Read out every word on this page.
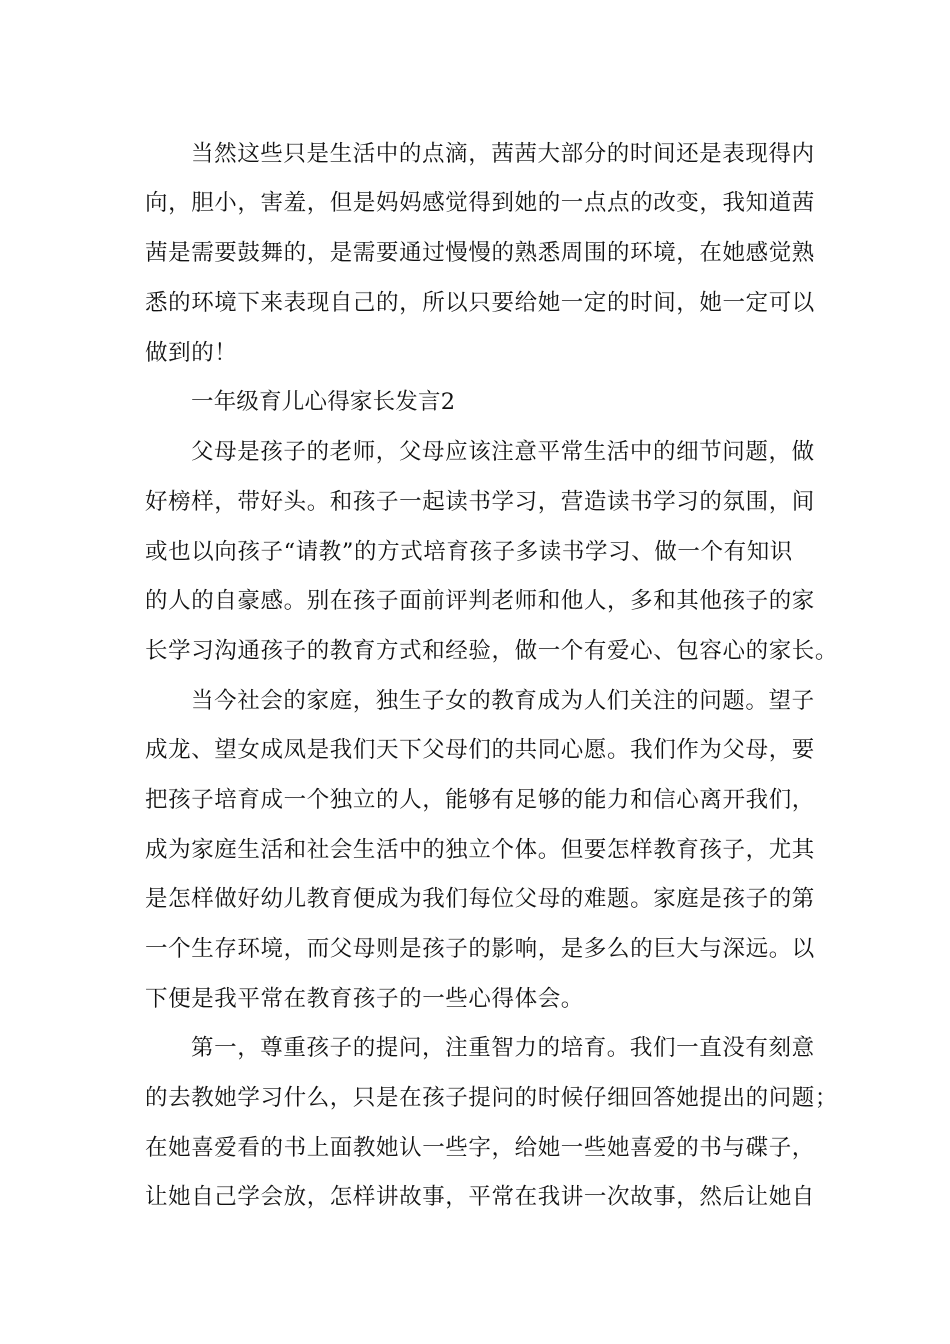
当然这些只是生活中的点滴，茜茜大部分的时间还是表现得内
向，胆小，害羞，但是妈妈感觉得到她的一点点的改变，我知道茜
茜是需要鼓舞的，是需要通过慢慢的熟悉周围的环境，在她感觉熟
悉的环境下来表现自己的，所以只要给她一定的时间，她一定可以
做到的！
一年级育儿心得家长发言2
父母是孩子的老师，父母应该注意平常生活中的细节问题，做
好榜样，带好头。和孩子一起读书学习，营造读书学习的氛围，间
或也以向孩子“请教”的方式培育孩子多读书学习、做一个有知识
的人的自豪感。别在孩子面前评判老师和他人，多和其他孩子的家
长学习沟通孩子的教育方式和经验，做一个有爱心、包容心的家长。
当今社会的家庭，独生子女的教育成为人们关注的问题。望子
成龙、望女成凤是我们天下父母们的共同心愿。我们作为父母，要
把孩子培育成一个独立的人，能够有足够的能力和信心离开我们，
成为家庭生活和社会生活中的独立个体。但要怎样教育孩子，尤其
是怎样做好幼儿教育便成为我们每位父母的难题。家庭是孩子的第
一个生存环境，而父母则是孩子的影响，是多么的巨大与深远。以
下便是我平常在教育孩子的一些心得体会。
第一，尊重孩子的提问，注重智力的培育。我们一直没有刻意
的去教她学习什么，只是在孩子提问的时候仔细回答她提出的问题；
在她喜爱看的书上面教她认一些字，给她一些她喜爱的书与碟子，
让她自己学会放，怎样讲故事，平常在我讲一次故事，然后让她自
